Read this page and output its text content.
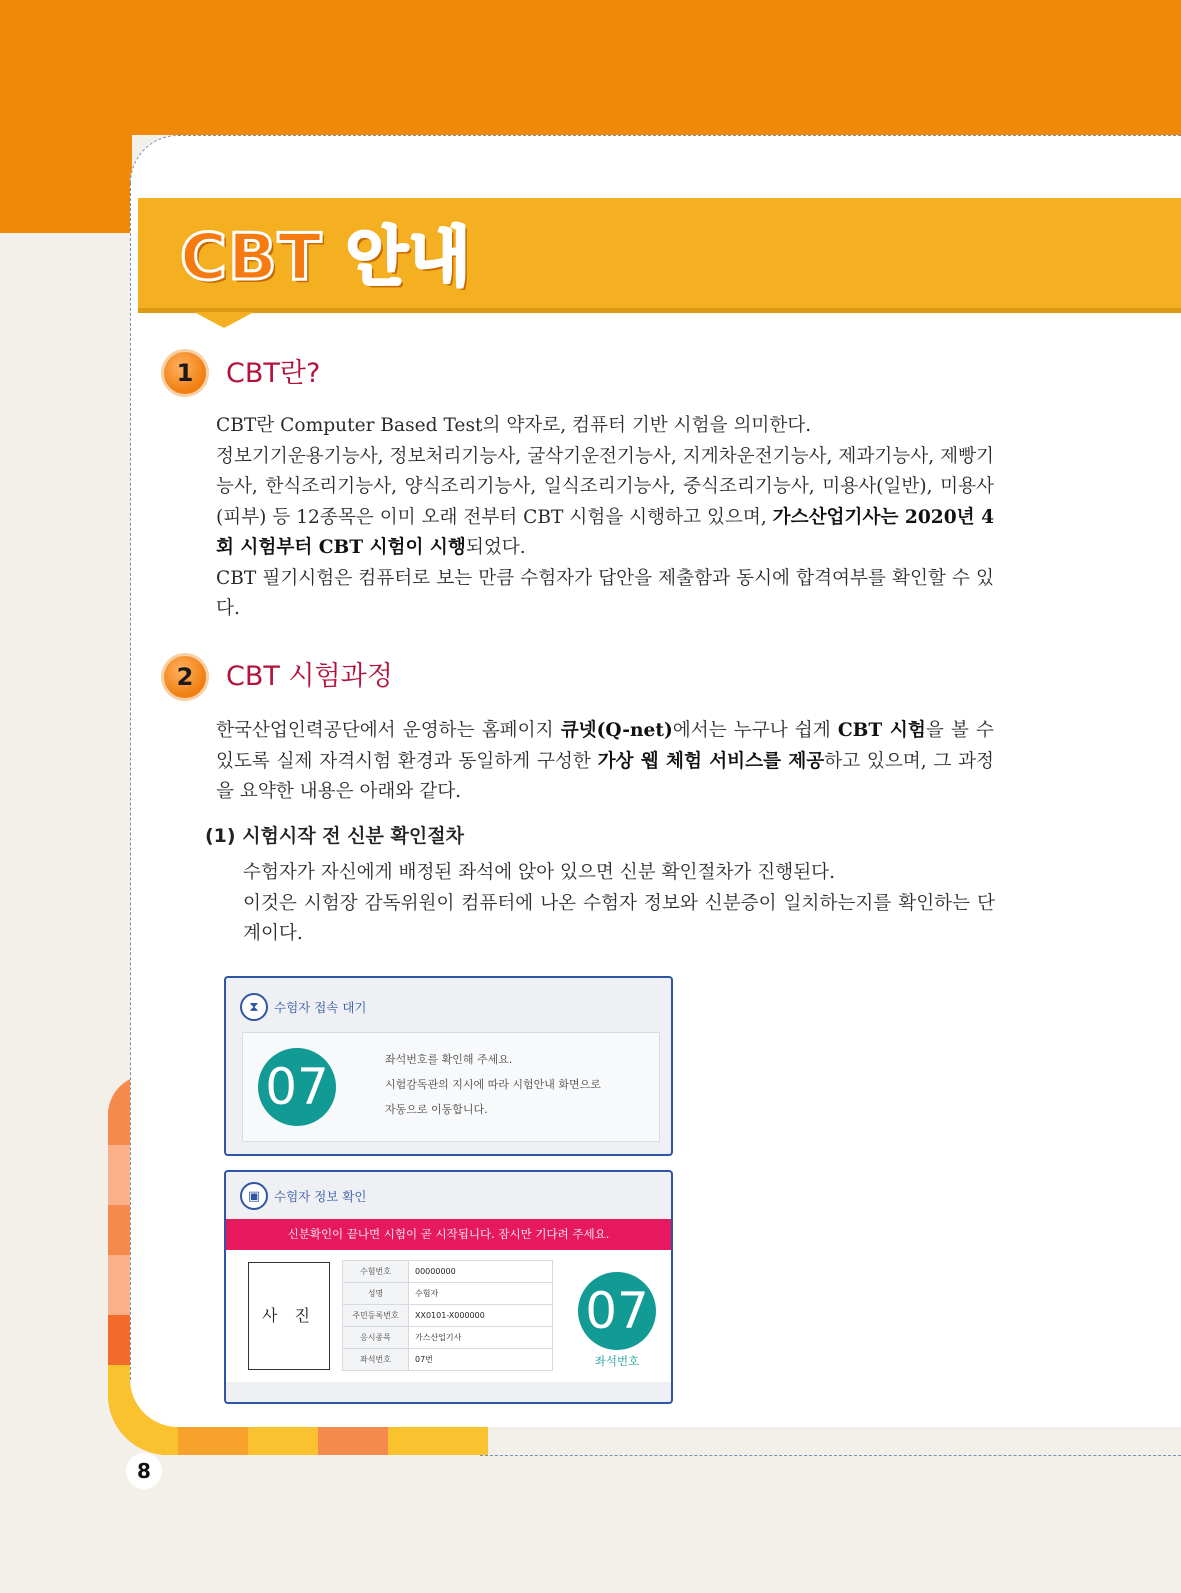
CBT 안내
1	CBT란?

CBT란 Computer Based Test의 약자로, 컴퓨터 기반 시험을 의미한다.

정보기기운용기능사, 정보처리기능사, 굴삭기운전기능사, 지게차운전기능사, 제과기능사, 제빵기능사, 한식조리기능사, 양식조리기능사, 일식조리기능사, 중식조리기능사, 미용사(일반), 미용사(피부) 등 12종목은 이미 오래 전부터 CBT 시험을 시행하고 있으며, 가스산업기사는 2020년 4회 시험부터 CBT 시험이 시행되었다.

CBT 필기시험은 컴퓨터로 보는 만큼 수험자가 답안을 제출함과 동시에 합격여부를 확인할 수 있다.

2	CBT 시험과정

한국산업인력공단에서 운영하는 홈페이지 큐넷(Q-net)에서는 누구나 쉽게 CBT 시험을 볼 수 있도록 실제 자격시험 환경과 동일하게 구성한 가상 웹 체험 서비스를 제공하고 있으며, 그 과정을 요약한 내용은 아래와 같다.

(1) 시험시작 전 신분 확인절차

수험자가 자신에게 배정된 좌석에 앉아 있으면 신분 확인절차가 진행된다.

이것은 시험장 감독위원이 컴퓨터에 나온 수험자 정보와 신분증이 일치하는지를 확인하는 단계이다.

⧗	수험자 접속 대기
07	좌석번호를 확인해 주세요.
시험감독관의 지시에 따라 시험안내 화면으로
자동으로 이동합니다.
▣	수험자 정보 확인
신분확인이 끝나면 시험이 곧 시작됩니다. 잠시만 기다려 주세요.
사 진
수험번호	00000000
성명	수험자
주민등록번호	XX0101-X000000
응시종목	가스산업기사
좌석번호	07번
07
좌석번호
8
